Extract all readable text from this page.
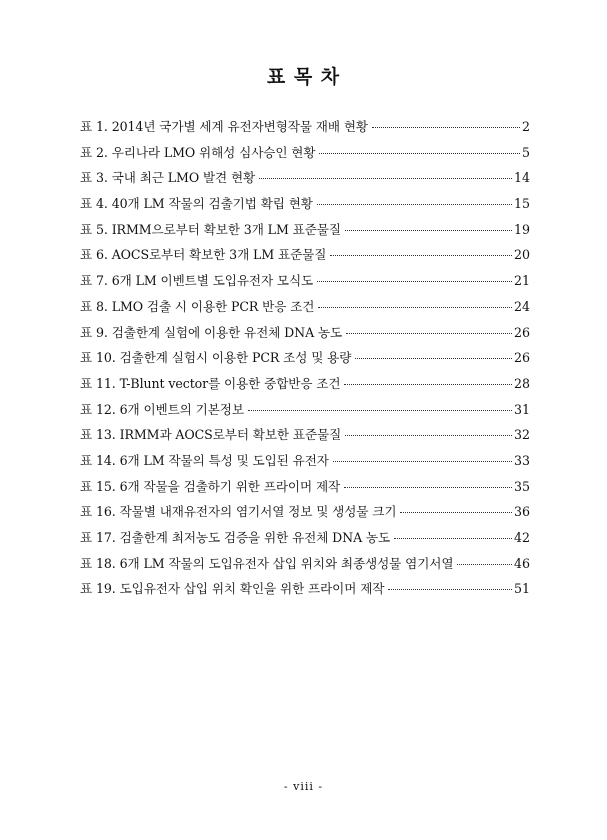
표 목 차
표 1. 2014년 국가별 세계 유전자변형작물 재배 현황	2
표 2. 우리나라 LMO 위해성 심사승인 현황	5
표 3. 국내 최근 LMO 발견 현황	14
표 4. 40개 LM 작물의 검출기법 확립 현황	15
표 5. IRMM으로부터 확보한 3개 LM 표준물질	19
표 6. AOCS로부터 확보한 3개 LM 표준물질	20
표 7. 6개 LM 이벤트별 도입유전자 모식도	21
표 8. LMO 검출 시 이용한 PCR 반응 조건	24
표 9. 검출한계 실험에 이용한 유전체 DNA 농도	26
표 10. 검출한계 실험시 이용한 PCR 조성 및 용량	26
표 11. T-Blunt vector를 이용한 중합반응 조건	28
표 12. 6개 이벤트의 기본정보	31
표 13. IRMM과 AOCS로부터 확보한 표준물질	32
표 14. 6개 LM 작물의 특성 및 도입된 유전자	33
표 15. 6개 작물을 검출하기 위한 프라이머 제작	35
표 16. 작물별 내재유전자의 염기서열 정보 및 생성물 크기	36
표 17. 검출한계 최저농도 검증을 위한 유전체 DNA 농도	42
표 18. 6개 LM 작물의 도입유전자 삽입 위치와 최종생성물 염기서열	46
표 19. 도입유전자 삽입 위치 확인을 위한 프라이머 제작	51
- viii -
